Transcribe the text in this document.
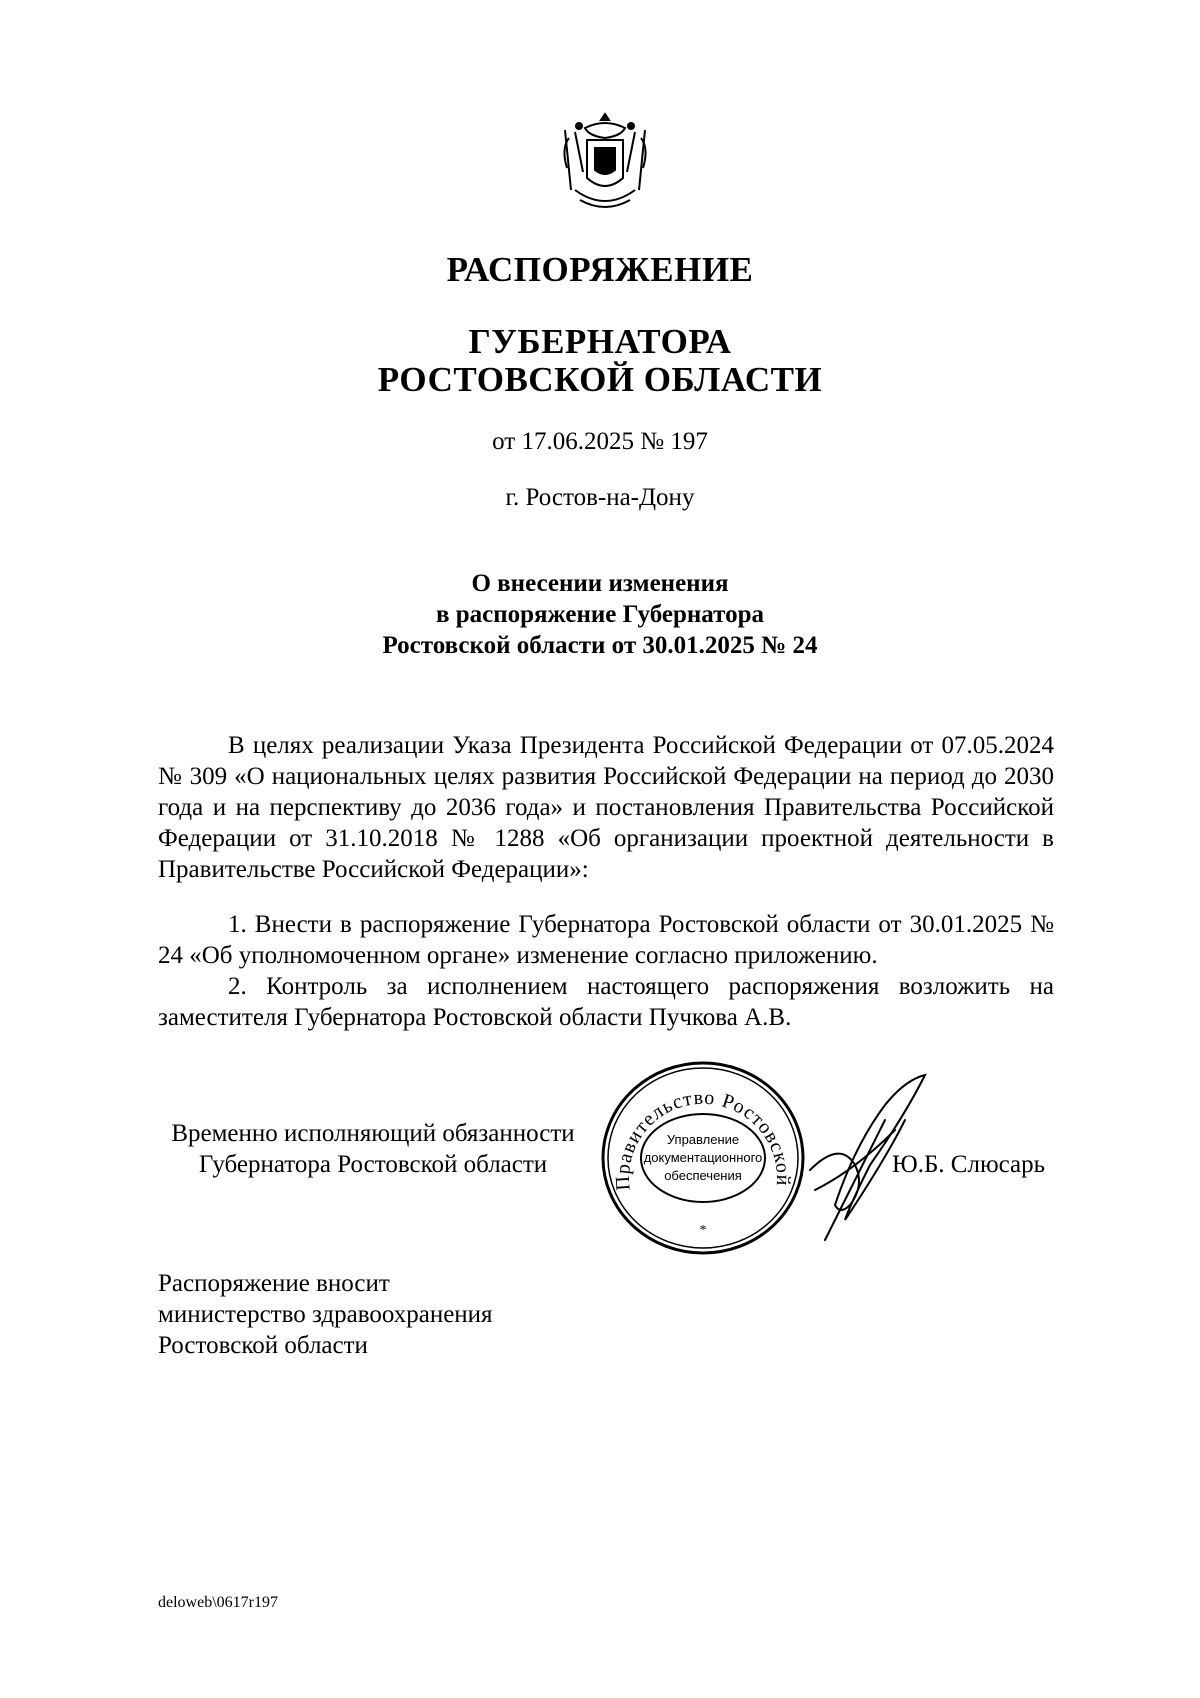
РАСПОРЯЖЕНИЕ
ГУБЕРНАТОРА
РОСТОВСКОЙ ОБЛАСТИ
от 17.06.2025 № 197
г. Ростов-на-Дону
О внесении изменения
в распоряжение Губернатора
Ростовской области от 30.01.2025 № 24

В целях реализации Указа Президента Российской Федерации от 07.05.2024 № 309 «О национальных целях развития Российской Федерации на период до 2030 года и на перспективу до 2036 года» и постановления Правительства Российской Федерации от 31.10.2018 № 1288 «Об организации проектной деятельности в Правительстве Российской Федерации»:

1. Внести в распоряжение Губернатора Ростовской области от 30.01.2025 № 24 «Об уполномоченном органе» изменение согласно приложению.

2. Контроль за исполнением настоящего распоряжения возложить на заместителя Губернатора Ростовской области Пучкова А.В.

Временно исполняющий обязанности
Губернатора Ростовской области
Правительство Ростовской
Управление
документационного
обеспечения
*
Ю.Б. Слюсарь
Распоряжение вносит
министерство здравоохранения
Ростовской области
deloweb\0617r197
